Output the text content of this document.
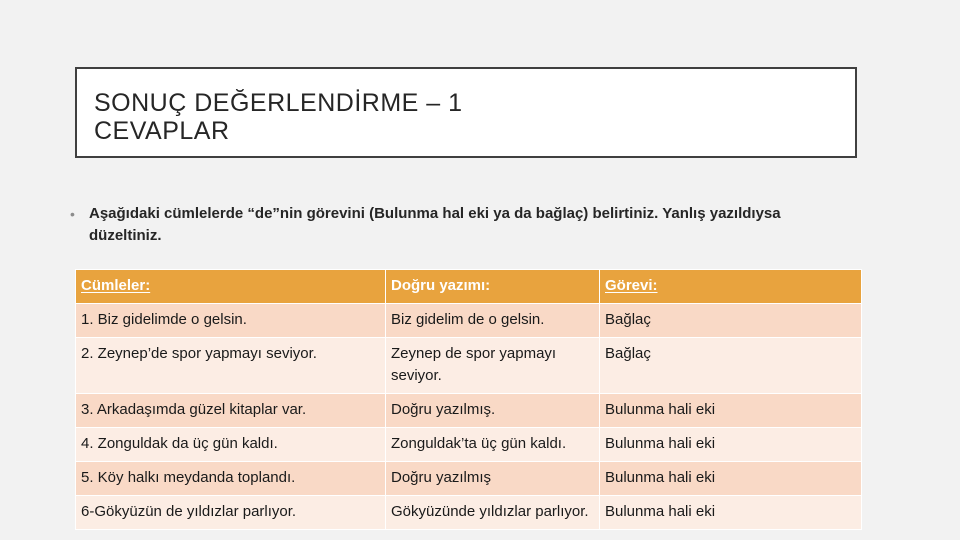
SONUÇ DEĞERLENDİRME – 1
CEVAPLAR
• Aşağıdaki cümlelerde “de”nin görevini (Bulunma hal eki ya da bağlaç) belirtiniz. Yanlış yazıldıysa düzeltiniz.
Cümleler:	Doğru yazımı:	Görevi:
1. Biz gidelimde o gelsin.	Biz gidelim de o gelsin.	Bağlaç
2. Zeynep’de spor yapmayı seviyor.	Zeynep de spor yapmayı seviyor.	Bağlaç
3. Arkadaşımda güzel kitaplar var.	Doğru yazılmış.	Bulunma hali eki
4. Zonguldak da üç gün kaldı.	Zonguldak’ta üç gün kaldı.	Bulunma hali eki
5. Köy halkı meydanda toplandı.	Doğru yazılmış	Bulunma hali eki
6-Gökyüzün de yıldızlar parlıyor.	Gökyüzünde yıldızlar parlıyor.	Bulunma hali eki
